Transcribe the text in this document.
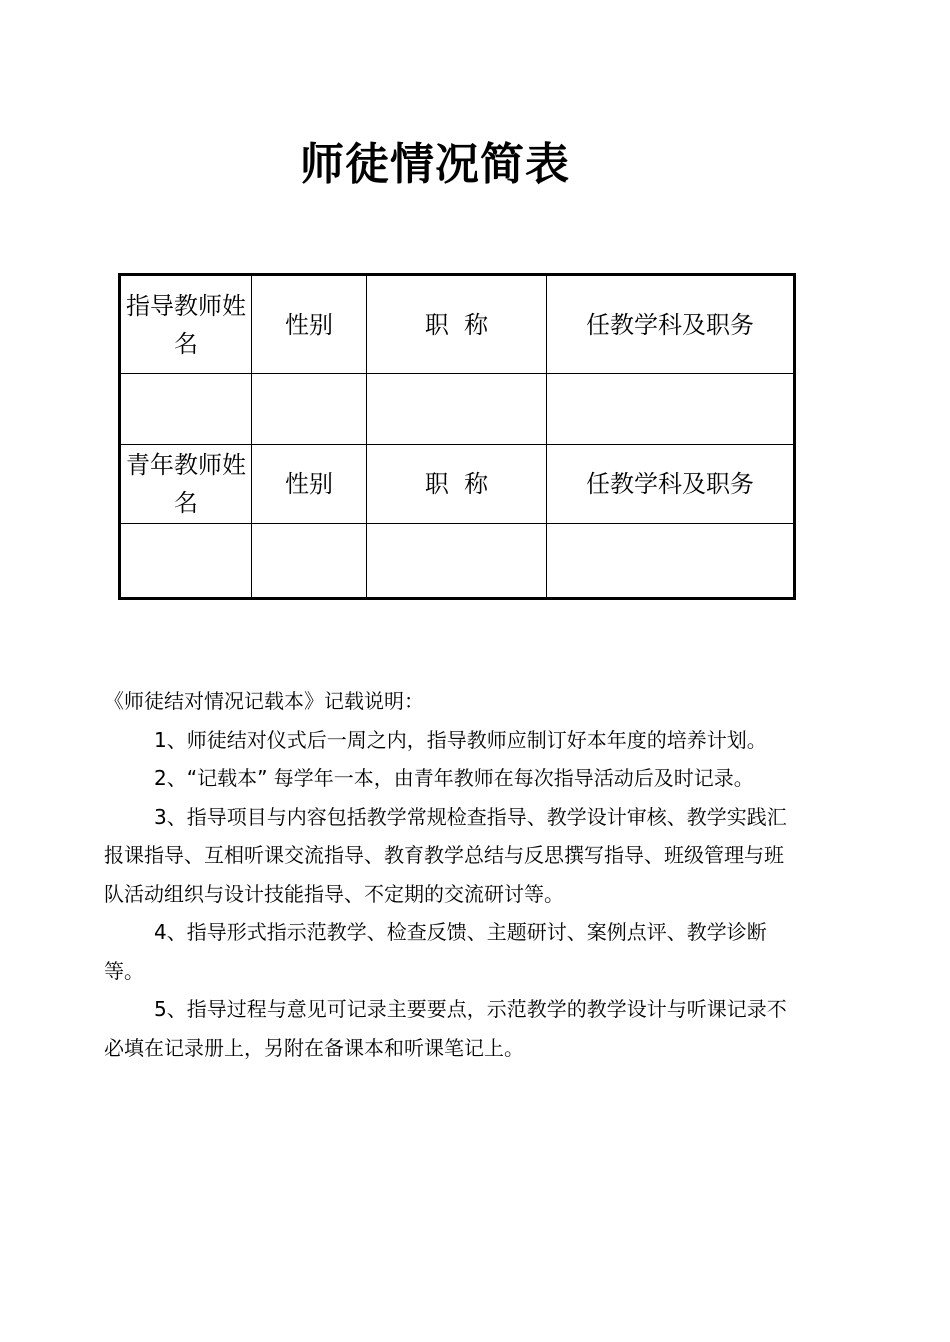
师徒情况简表
指导教师姓名	性别	职  称	任教学科及职务

青年教师姓名	性别	职  称	任教学科及职务

《师徒结对情况记载本》记载说明：

1、师徒结对仪式后一周之内，指导教师应制订好本年度的培养计划。

2、“记载本” 每学年一本，由青年教师在每次指导活动后及时记录。

3、指导项目与内容包括教学常规检查指导、教学设计审核、教学实践汇报课指导、互相听课交流指导、教育教学总结与反思撰写指导、班级管理与班队活动组织与设计技能指导、不定期的交流研讨等。

4、指导形式指示范教学、检查反馈、主题研讨、案例点评、教学诊断等。

5、指导过程与意见可记录主要要点，示范教学的教学设计与听课记录不必填在记录册上，另附在备课本和听课笔记上。
